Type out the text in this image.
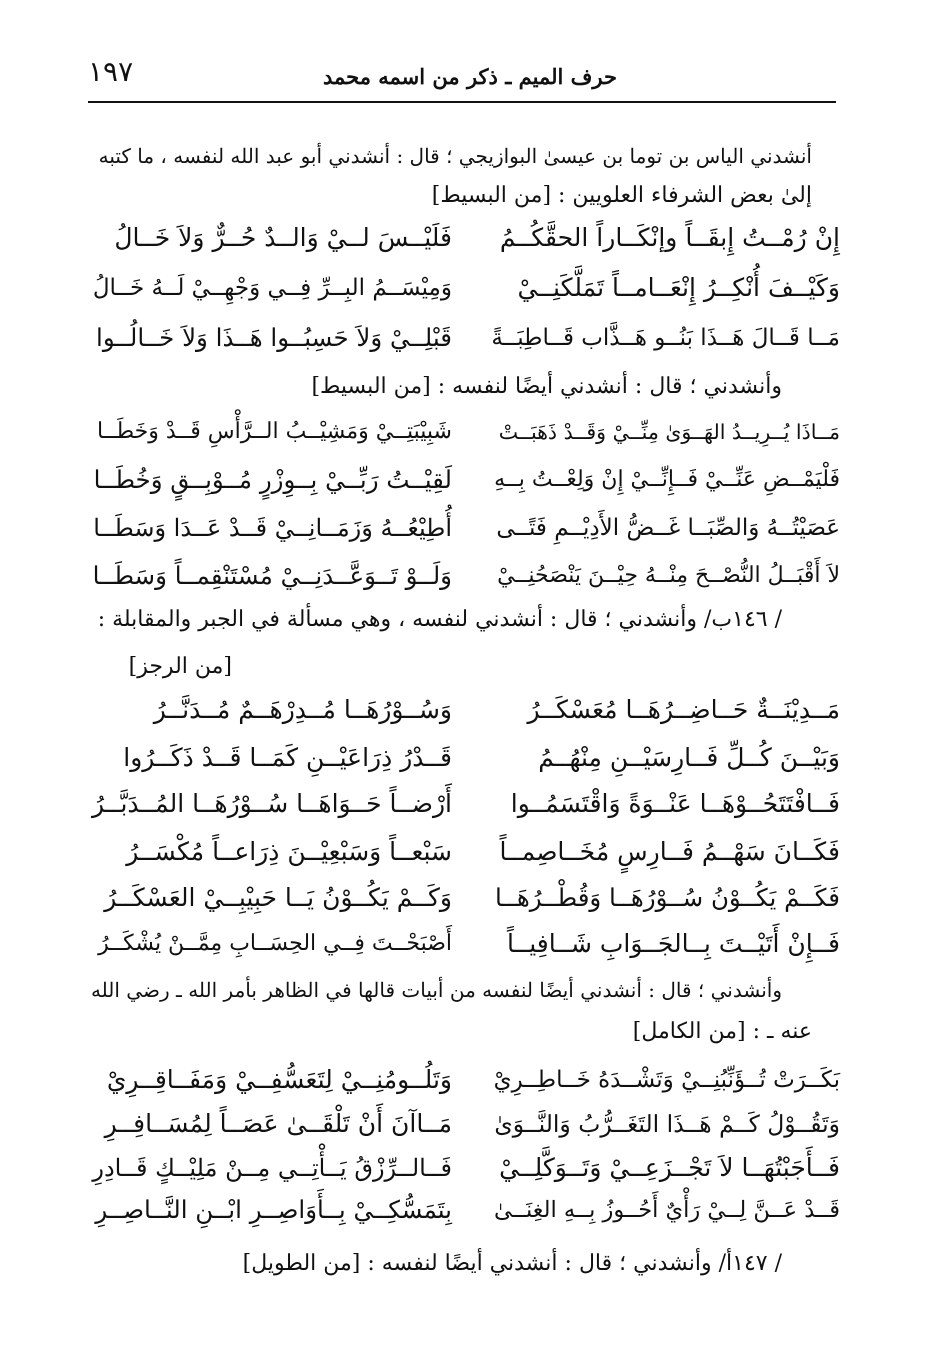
١٩٧	حرف الميم ـ ذكر من اسمه محمد
أنشدني الياس بن توما بن عيسىٰ البوازيجي ؛ قال : أنشدني أبو عبد الله لنفسه ، ما كتبه
إلىٰ بعض الشرفاء العلويين : [من البسيط]
إِنْ رُمْــتُ إِبقَــاً وإنْكَــاراً الحقَّكُــمُ
فَلَيْــسَ لــيْ وَالــدٌ حُــرٌّ وَلاَ خَــالُ
وَكَيْــفَ أُنْكِــرُ إِنْعَــامــاً تَمَلَّكَنِــيْ
وَمِيْسَــمُ البِــرِّ فِــي وَجْهِــيْ لَــهُ خَــالُ
مَــا قَــالَ هَــذَا بَنُــو هَــذَّاب قَــاطِبَــةً
قَبْلِــيْ وَلاَ حَسِبُــوا هَــذَا وَلاَ خَــالُــوا
وأنشدني ؛ قال : أنشدني أيضًا لنفسه : [من البسيط]
مَــاذَا يُــرِيــدُ الهَــوَىٰ مِنِّــيْ وَقَــدْ ذَهَبَــتْ
شَبِيْبَتِــيْ وَمَشِيْــبُ الــرَّأْسِ قَــدْ وَخَطَــا
فَلْيَمْــضِ عَنِّــيْ فَــإِنِّــيْ إِنْ وَلِعْــتُ بِــهِ
لَقِيْــتُ رَبِّــيْ بِــوِزْرٍ مُــوْبِــقٍ وَخُطَــا
عَصَيْتُــهُ وَالصِّبَــا غَــضُّ الأَدِيْــمِ فَتًــى
أُطِيْعُــهُ وَزَمَــانِــيْ قَــدْ عَــدَا وَسَطَــا
لاَ أَقْبَــلُ النُّصْــحَ مِنْــهُ حِيْــنَ يَنْصَحُنِــيْ
وَلَــوْ تَــوَعَّــدَنِــيْ مُسْتَنْقِمــاً وَسَطَــا
/ ١٤٦ب/ وأنشدني ؛ قال : أنشدني لنفسه ، وهي مسألة في الجبر والمقابلة :
[من الرجز]
مَــدِيْنَــةٌ حَــاضِــرُهَــا مُعَسْكَــرُ
وَسُــوْرُهَــا مُــدِرْهَــمٌ مُــدَنَّــرُ
وَبَيْــنَ كُــلِّ فَــارِسَيْــنِ مِنْهُــمُ
قَــدْرُ ذِرَاعَيْــنِ كَمَــا قَــدْ ذَكَــرُوا
فَــافْتَتَحُــوْهَــا عَنْــوَةً وَاقْتَسَمُــوا
أَرْضــاً حَــوَاهَــا سُــوْرُهَــا المُــدَبَّــرُ
فَكَــانَ سَهْــمُ فَــارِسٍ مُخَــاصِمــاً
سَبْعــاً وَسَبْعِيْــنَ ذِرَاعــاً مُكْسَــرُ
فَكَــمْ يَكُــوْنُ سُــوْرُهَــا وَقُطْــرُهَــا
وَكَــمْ يَكُــوْنُ يَــا حَبِيْبِــيْ العَسْكَــرُ
فَــإِنْ أَتَيْــتَ بِــالجَــوَابِ شَــافِيــاً
أَصْبَحْــتَ فِــي الحِسَــابِ مِمَّــنْ يُشْكَــرُ
وأنشدني ؛ قال : أنشدني أيضًا لنفسه من أبيات قالها في الظاهر بأمر الله ـ رضي الله
عنه ـ : [من الكامل]
بَكَــرَتْ تُــؤَنِّبُنِــيْ وَتَشْــدَهُ خَــاطِــرِيْ
وَتَلُــومُنِــيْ لِتَعَسُّفِــيْ وَمَفَــاقِــرِيْ
وَتَقُــوْلُ كَــمْ هَــذَا التَغَــرُّبُ وَالنَّــوَىٰ
مَــاآنَ أَنْ تَلْقَــىٰ عَصَــاً لِمُسَــافِــرِ
فَــأَجَبْتُهَــا لاَ تَجْــزَعِــيْ وَتَــوَكَّلِــيْ
فَــالــرِّزْقُ يَــأْتِــي مِــنْ مَلِيْــكٍ قَــادِرِ
قَــدْ عَــنَّ لِــيْ رَأْيٌ أَحُــوزُ بِــهِ الغِنَــىٰ
بِتَمَسُّكِــيْ بِــأَوَاصِــرِ ابْــنِ النَّــاصِــرِ
/ ١٤٧أ/ وأنشدني ؛ قال : أنشدني أيضًا لنفسه : [من الطويل]
